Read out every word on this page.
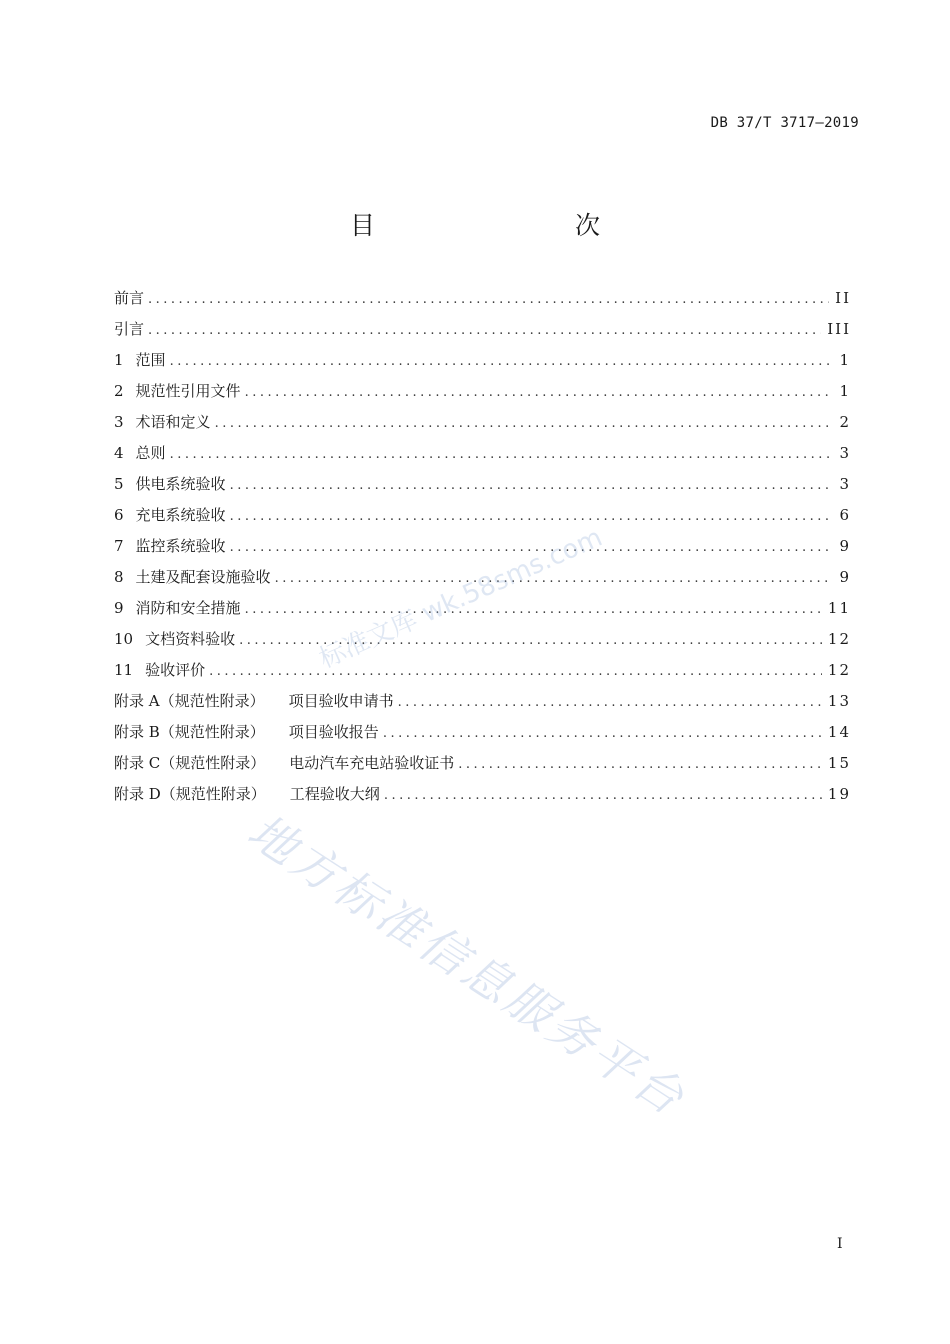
DB 37/T 3717—2019
目　　次
前言 .....	II
引言 .....	III
1 范围 .....	1
2 规范性引用文件 .....	1
3 术语和定义 .....	2
4 总则 .....	3
5 供电系统验收 .....	3
6 充电系统验收 .....	6
7 监控系统验收 .....	9
8 土建及配套设施验收 .....	9
9 消防和安全措施 .....	11
10 文档资料验收 .....	12
11 验收评价 .....	12
附录 A（规范性附录） 项目验收申请书 .....	13
附录 B（规范性附录） 项目验收报告 .....	14
附录 C（规范性附录） 电动汽车充电站验收证书 .....	15
附录 D（规范性附录） 工程验收大纲 .....	19
I
标准文库 wk.58sms.com
地方标准信息服务平台
